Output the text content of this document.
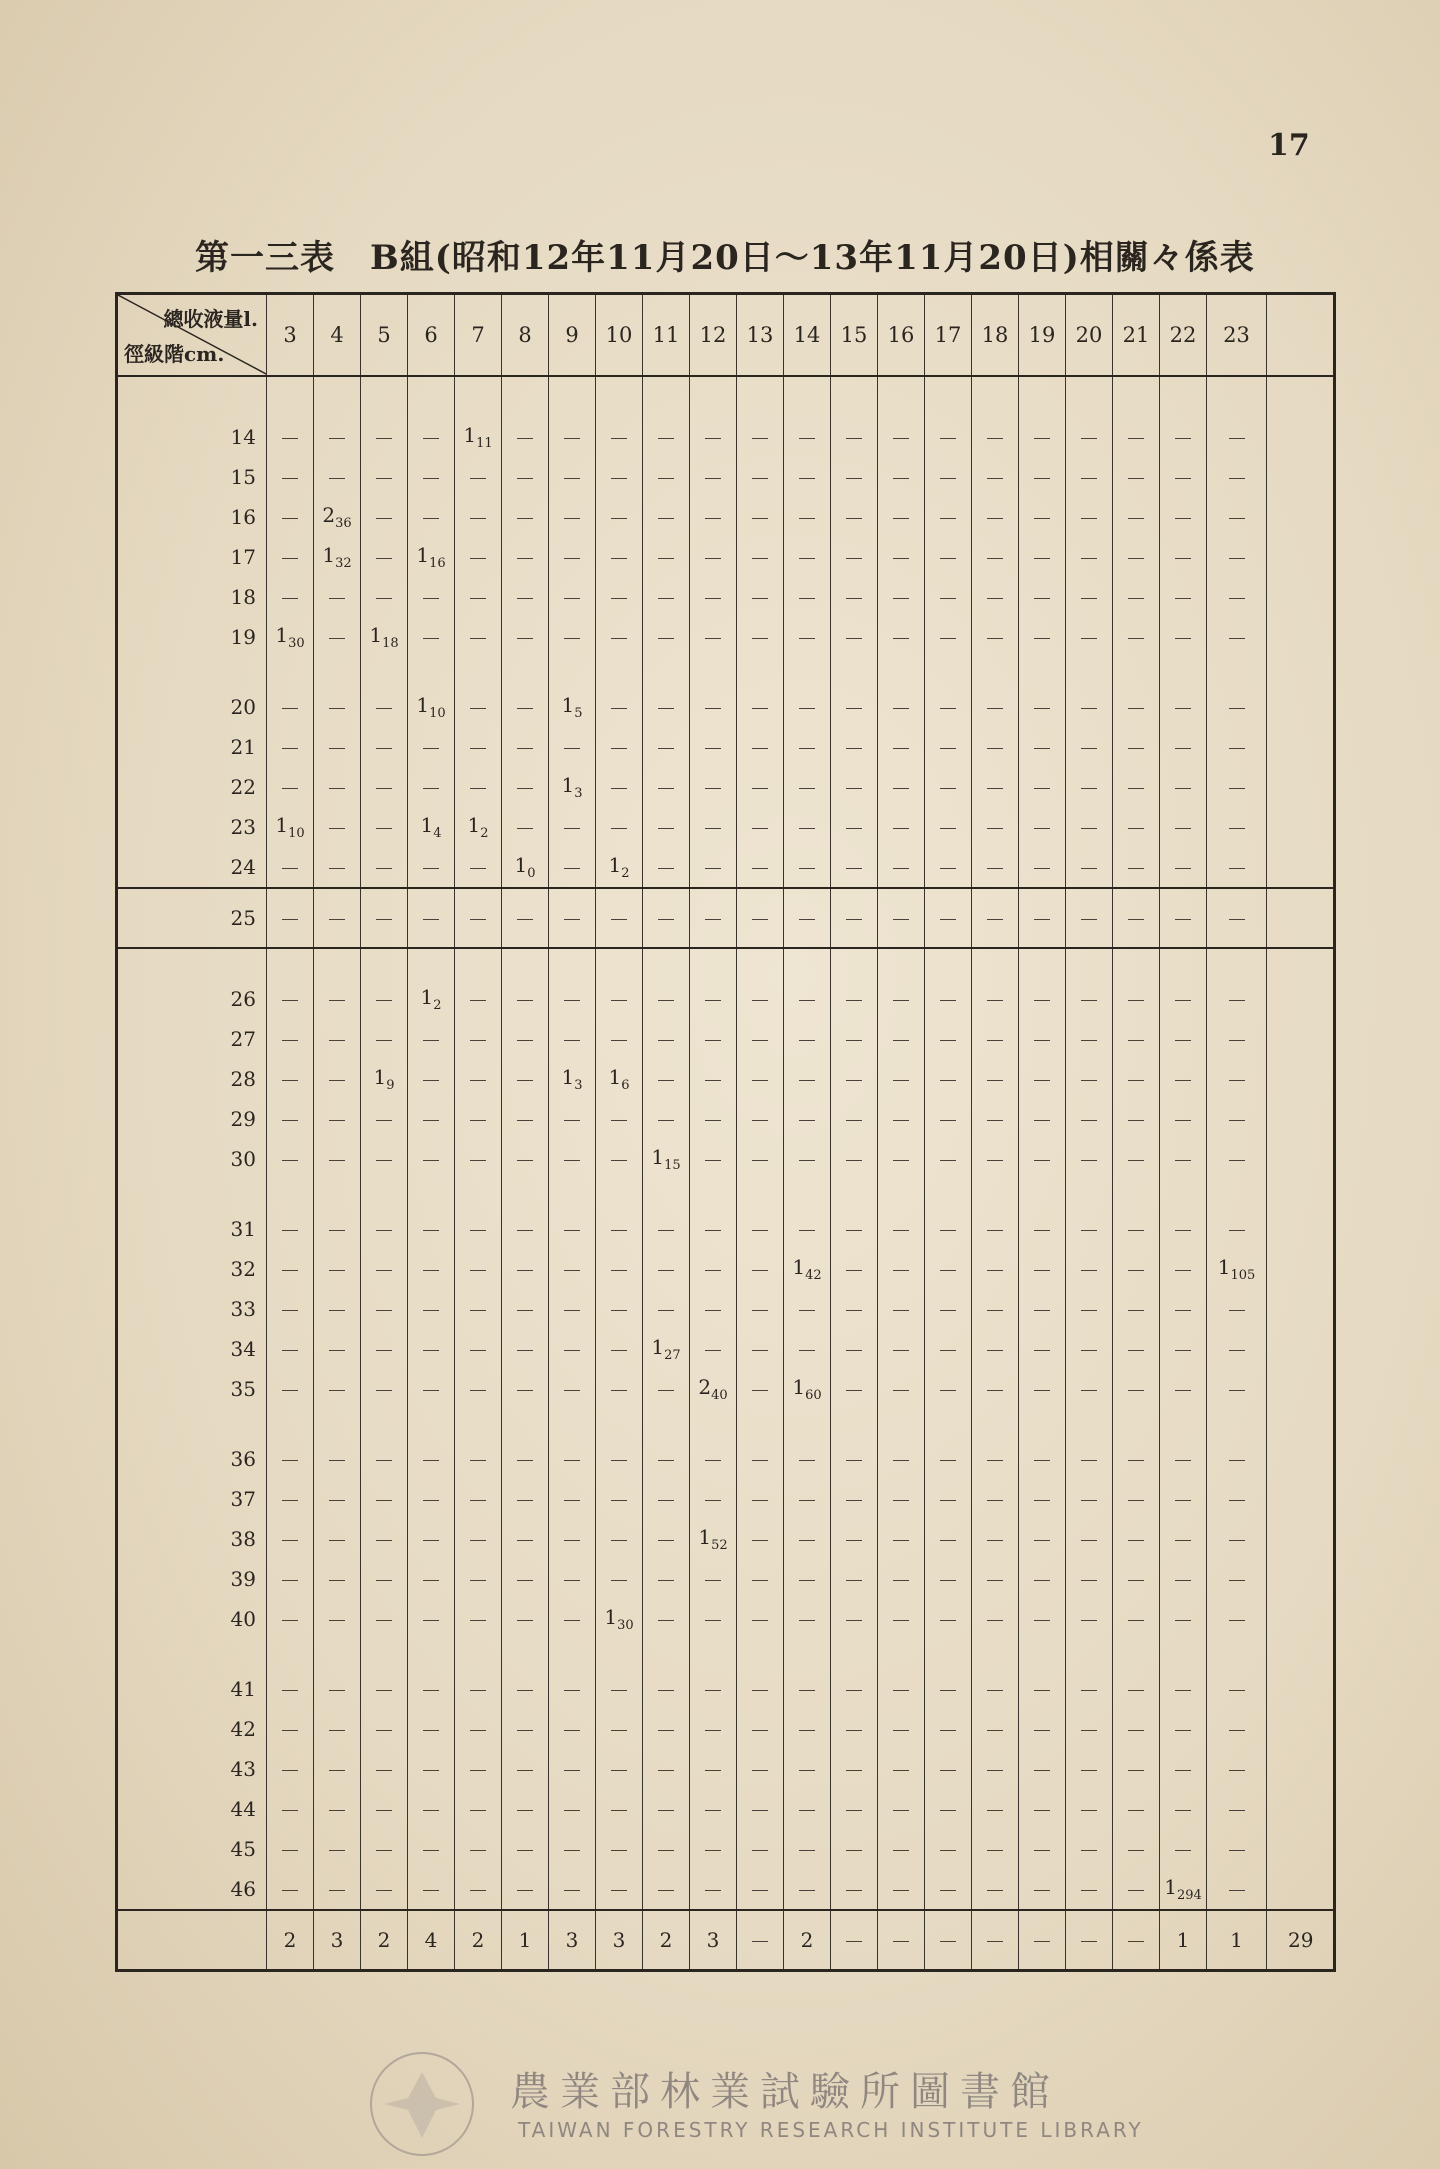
17
第一三表　B組(昭和12年11月20日～13年11月20日)相關々係表
總收液量l.
徑級階cm.	3	4	5	6	7	8	9	10	11	12	13	14	15	16	17	18	19	20	21	22	23		

14					$1_{11}$																		
15																							
16		$2_{36}$																					
17		$1_{32}$		$1_{16}$																			
18																							
19	$1_{30}$		$1_{18}$																				

20				$1_{10}$			$1_5$																
21																							
22							$1_3$																
23	$1_{10}$			$1_4$	$1_2$																		
24						$1_0$		$1_2$															
25																							

26				$1_2$																			
27																							
28			$1_9$				$1_3$	$1_6$															
29																							
30									$1_{15}$														

31																							
32												$1_{42}$									$1_{105}$		
33																							
34									$1_{27}$														
35										$2_{40}$		$1_{60}$											

36																							
37																							
38										$1_{52}$													
39																							
40								$1_{30}$															

41																							
42																							
43																							
44																							
45																							
46																				$1_{294}$			
	2	3	2	4	2	1	3	3	2	3		2								1	1	29	
農業部林業試驗所圖書館
TAIWAN FORESTRY RESEARCH INSTITUTE LIBRARY
